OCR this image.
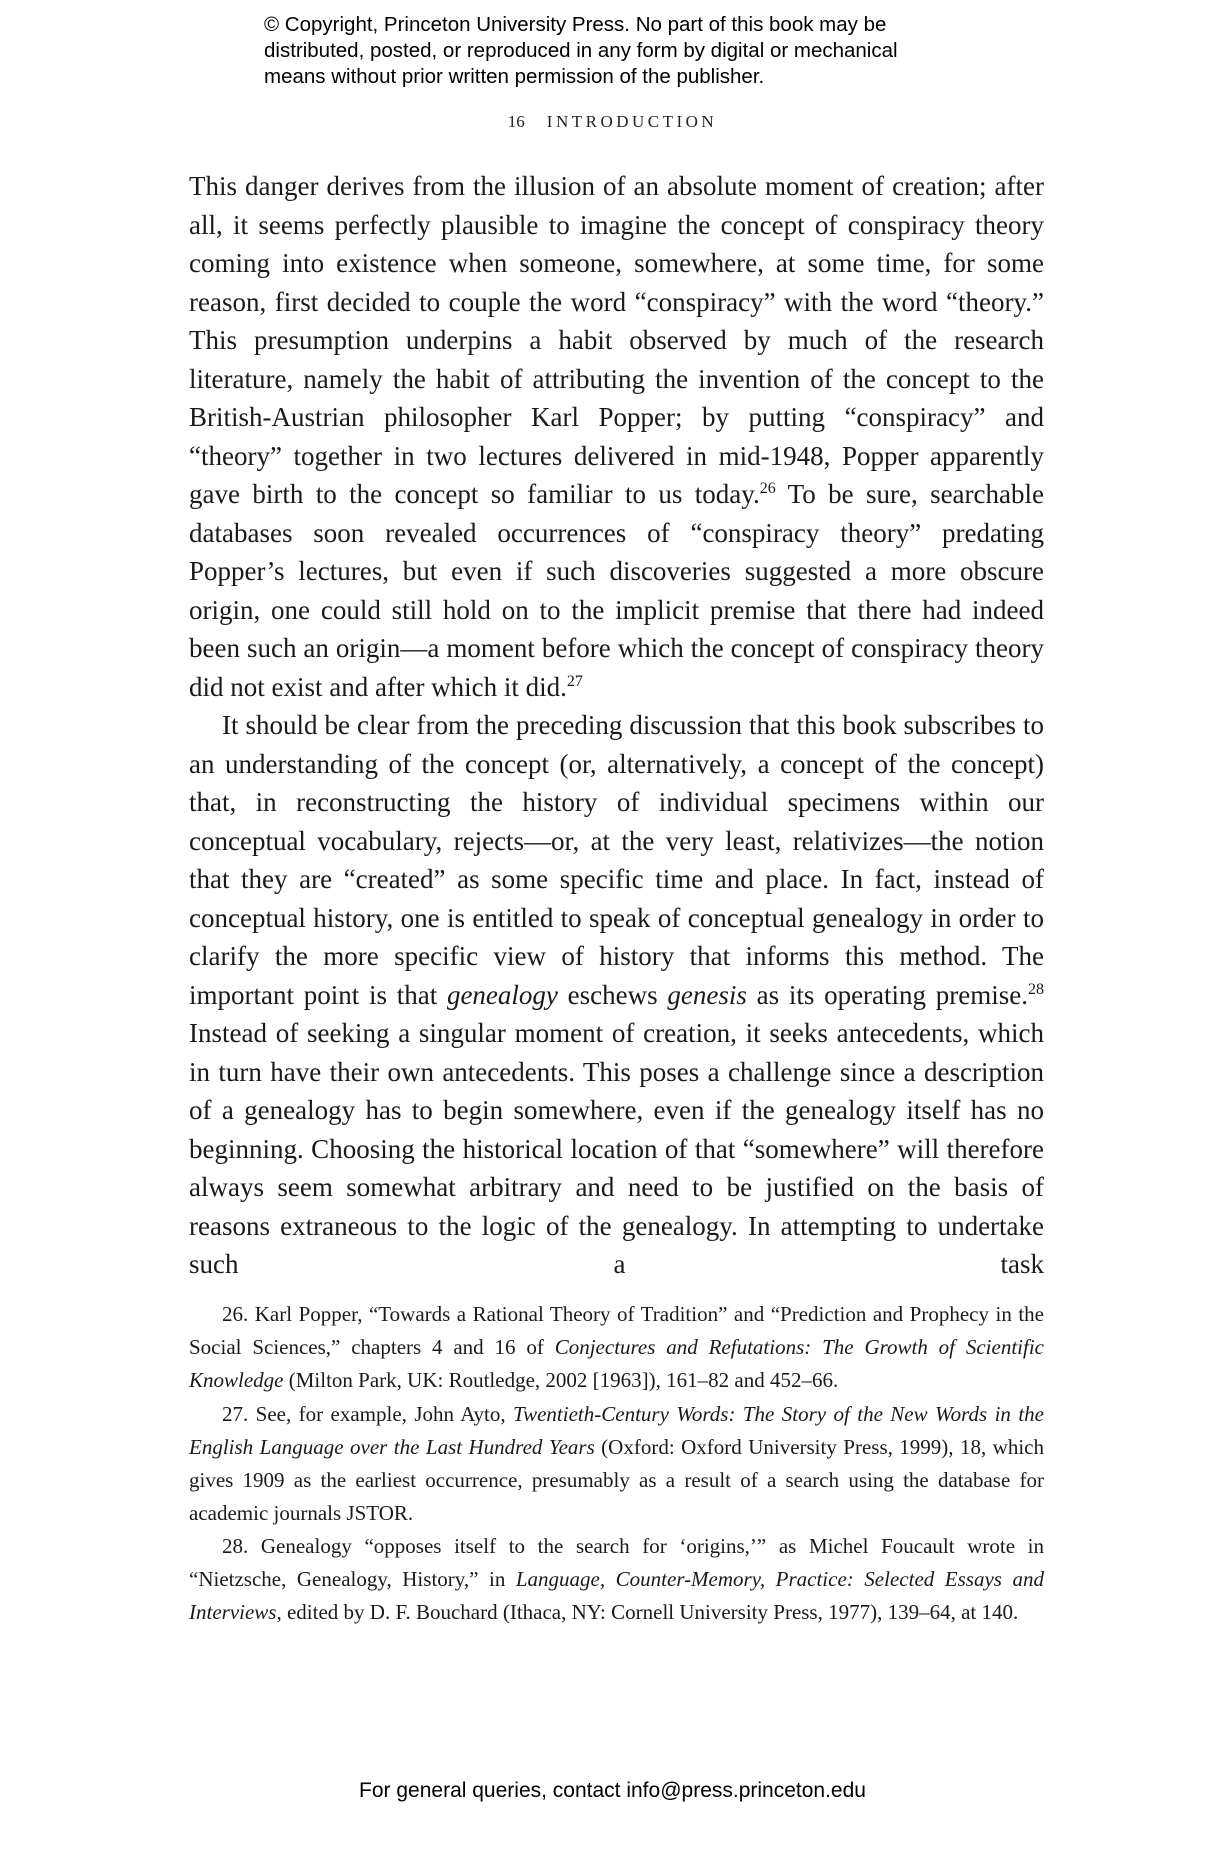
© Copyright, Princeton University Press. No part of this book may be
distributed, posted, or reproduced in any form by digital or mechanical
means without prior written permission of the publisher.
16 INTRODUCTION

This danger derives from the illusion of an absolute moment of creation; after all, it seems perfectly plausible to imagine the concept of conspiracy theory coming into existence when someone, somewhere, at some time, for some reason, first decided to couple the word “conspiracy” with the word “theory.” This presumption underpins a habit observed by much of the research literature, namely the habit of attributing the invention of the concept to the British-Austrian philosopher Karl Popper; by putting “conspiracy” and “theory” together in two lectures delivered in mid-1948, Popper apparently gave birth to the concept so familiar to us today.$^{26}$ To be sure, searchable databases soon revealed occurrences of “conspiracy theory” predating Popper’s lectures, but even if such discoveries suggested a more obscure origin, one could still hold on to the implicit premise that there had indeed been such an origin—a moment before which the concept of conspiracy theory did not exist and after which it did.$^{27}$

It should be clear from the preceding discussion that this book subscribes to an understanding of the concept (or, alternatively, a concept of the concept) that, in reconstructing the history of individual specimens within our conceptual vocabulary, rejects—or, at the very least, relativizes—the notion that they are “created” as some specific time and place. In fact, instead of conceptual history, one is entitled to speak of conceptual genealogy in order to clarify the more specific view of history that informs this method. The important point is that genealogy eschews genesis as its operating premise.$^{28}$ Instead of seeking a singular moment of creation, it seeks antecedents, which in turn have their own antecedents. This poses a challenge since a description of a genealogy has to begin somewhere, even if the genealogy itself has no beginning. Choosing the historical location of that “somewhere” will therefore always seem somewhat arbitrary and need to be justified on the basis of reasons extraneous to the logic of the genealogy. In attempting to undertake such a task

26. Karl Popper, “Towards a Rational Theory of Tradition” and “Prediction and Prophecy in the Social Sciences,” chapters 4 and 16 of Conjectures and Refutations: The Growth of Scientific Knowledge (Milton Park, UK: Routledge, 2002 [1963]), 161–82 and 452–66.

27. See, for example, John Ayto, Twentieth-Century Words: The Story of the New Words in the English Language over the Last Hundred Years (Oxford: Oxford University Press, 1999), 18, which gives 1909 as the earliest occurrence, presumably as a result of a search using the database for academic journals JSTOR.

28. Genealogy “opposes itself to the search for ‘origins,’” as Michel Foucault wrote in “Nietzsche, Genealogy, History,” in Language, Counter-Memory, Practice: Selected Essays and Interviews, edited by D. F. Bouchard (Ithaca, NY: Cornell University Press, 1977), 139–64, at 140.

For general queries, contact info@press.princeton.edu
